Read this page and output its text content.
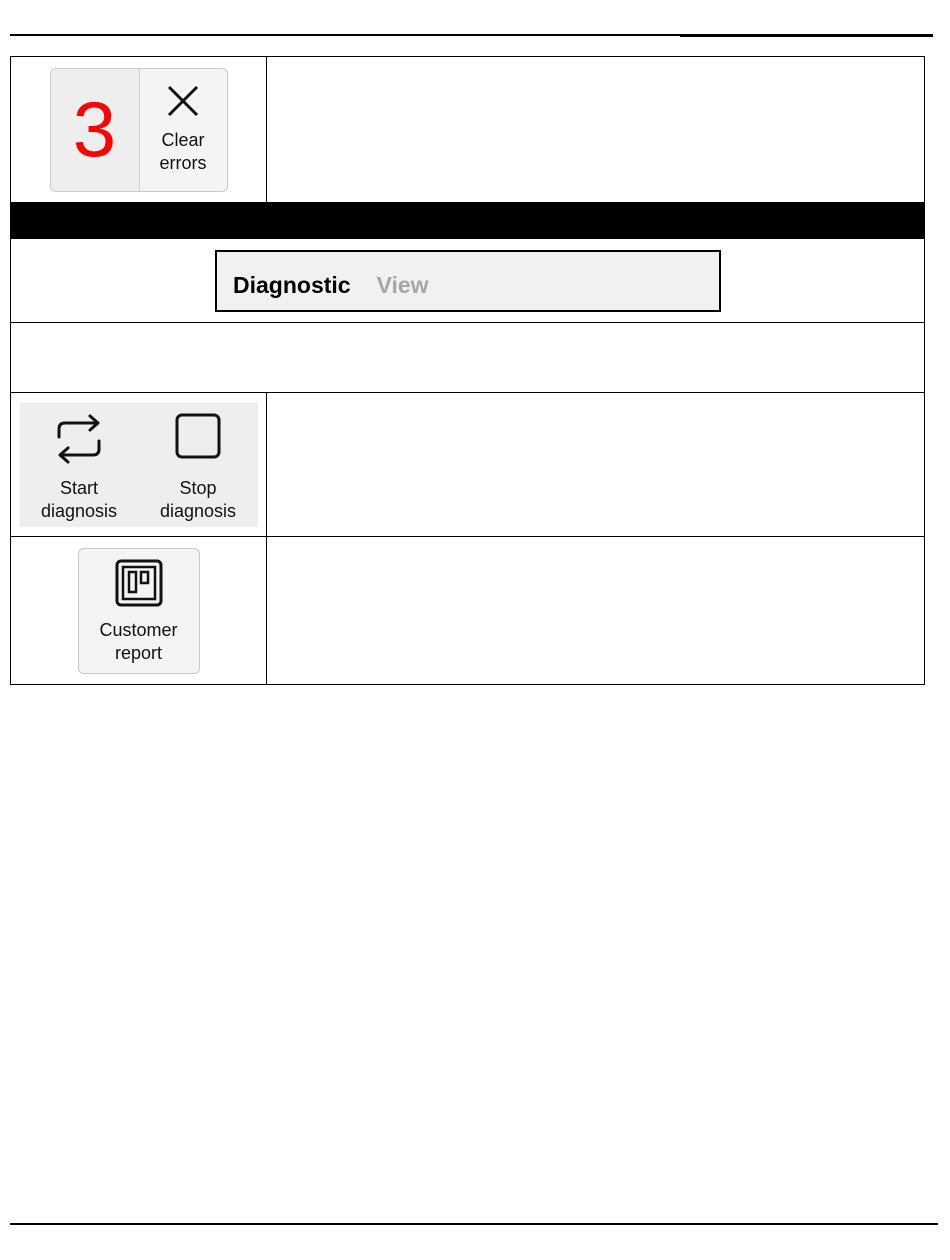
3 Clear
errors	

Diagnostic View	

Start
diagnosis
Stop
diagnosis	

Customer
report	
